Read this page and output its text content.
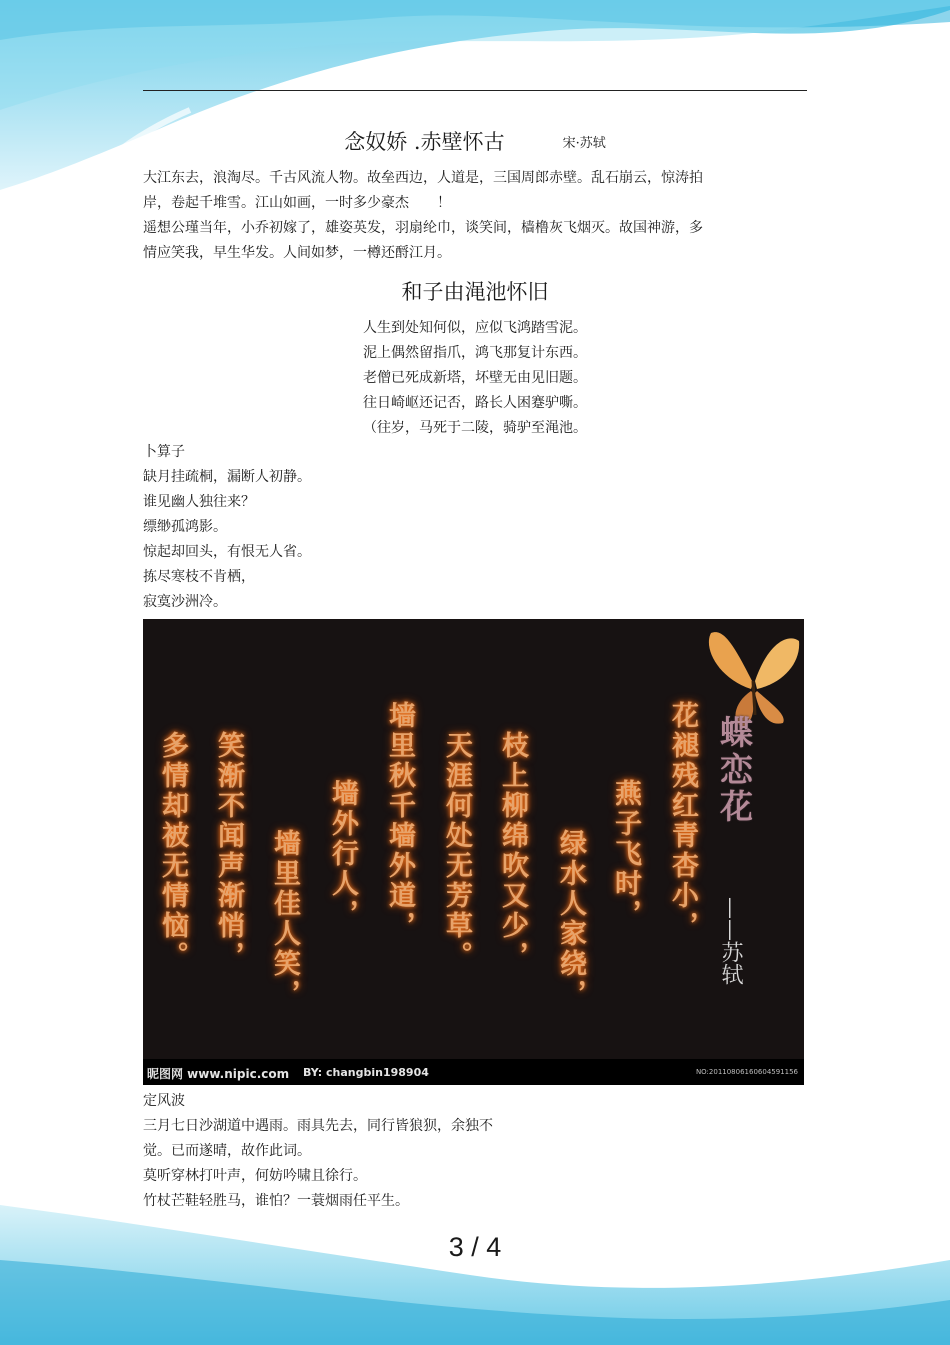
念奴娇 .赤壁怀古	宋·苏轼
大江东去，浪淘尽。千古风流人物。故垒西边，人道是，三国周郎赤壁。乱石崩云，惊涛拍
岸，卷起千堆雪。江山如画，一时多少豪杰　　！
遥想公瑾当年，小乔初嫁了，雄姿英发，羽扇纶巾，谈笑间，樯橹灰飞烟灭。故国神游，多
情应笑我，早生华发。人间如梦，一樽还酹江月。
和子由渑池怀旧
人生到处知何似，应似飞鸿踏雪泥。
泥上偶然留指爪，鸿飞那复计东西。
老僧已死成新塔，坏壁无由见旧题。
往日崎岖还记否，路长人困蹇驴嘶。
（往岁，马死于二陵，骑驴至渑池。
卜算子
缺月挂疏桐，漏断人初静。
谁见幽人独往来？
缥缈孤鸿影。
惊起却回头，有恨无人省。
拣尽寒枝不肯栖，
寂寞沙洲冷。
蝶恋花
——苏轼
花褪残红青杏小，
燕子飞时，
绿水人家绕，
枝上柳绵吹又少，
天涯何处无芳草。
墙里秋千墙外道，
墙外行人，
墙里佳人笑，
笑渐不闻声渐悄，
多情却被无情恼。
昵图网 www.nipic.com BY: changbin198904	NO:20110806160604591156
定风波
三月七日沙湖道中遇雨。雨具先去，同行皆狼狈，余独不
觉。已而遂晴，故作此词。
莫听穿林打叶声，何妨吟啸且徐行。
竹杖芒鞋轻胜马，谁怕？一蓑烟雨任平生。
3 / 4
